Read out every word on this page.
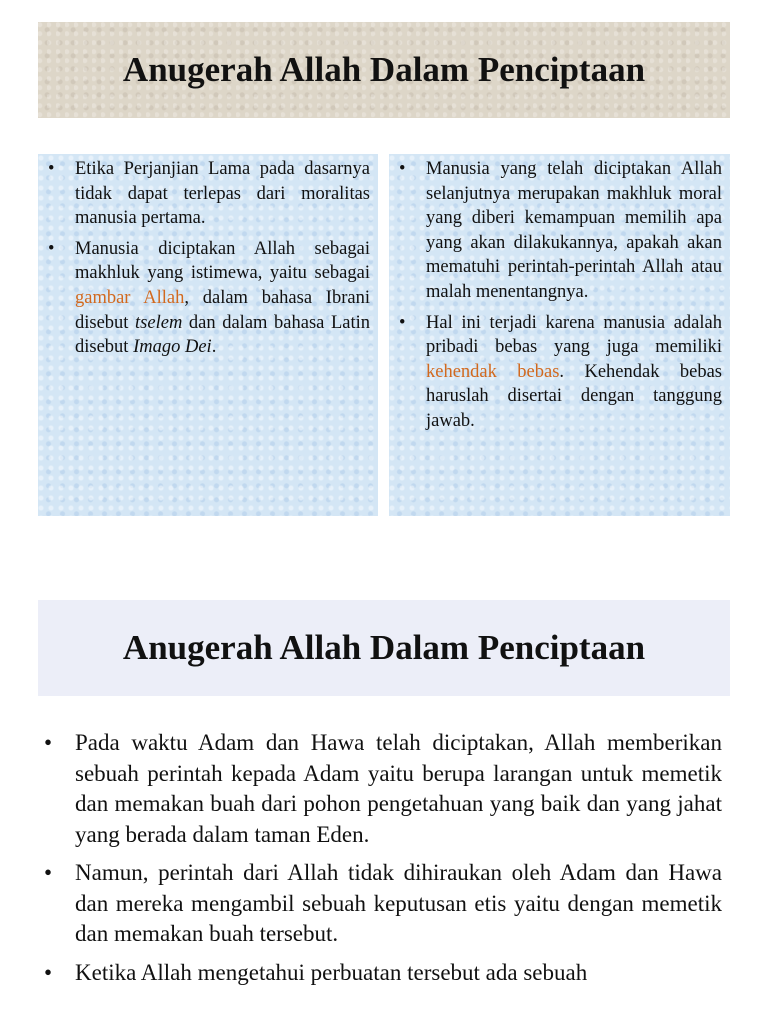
Anugerah Allah Dalam Penciptaan
• Etika Perjanjian Lama pada dasarnya tidak dapat terlepas dari moralitas manusia pertama.
• Manusia diciptakan Allah sebagai makhluk yang istimewa, yaitu sebagai gambar Allah, dalam bahasa Ibrani disebut tselem dan dalam bahasa Latin disebut Imago Dei.
• Manusia yang telah diciptakan Allah selanjutnya merupakan makhluk moral yang diberi kemampuan memilih apa yang akan dilakukannya, apakah akan mematuhi perintah-perintah Allah atau malah menentangnya.
• Hal ini terjadi karena manusia adalah pribadi bebas yang juga memiliki kehendak bebas. Kehendak bebas haruslah disertai dengan tanggung jawab.
Anugerah Allah Dalam Penciptaan
• Pada waktu Adam dan Hawa telah diciptakan, Allah memberikan sebuah perintah kepada Adam yaitu berupa larangan untuk memetik dan memakan buah dari pohon pengetahuan yang baik dan yang jahat yang berada dalam taman Eden.
• Namun, perintah dari Allah tidak dihiraukan oleh Adam dan Hawa dan mereka mengambil sebuah keputusan etis yaitu dengan memetik dan memakan buah tersebut.
• Ketika Allah mengetahui perbuatan tersebut ada sebuah
